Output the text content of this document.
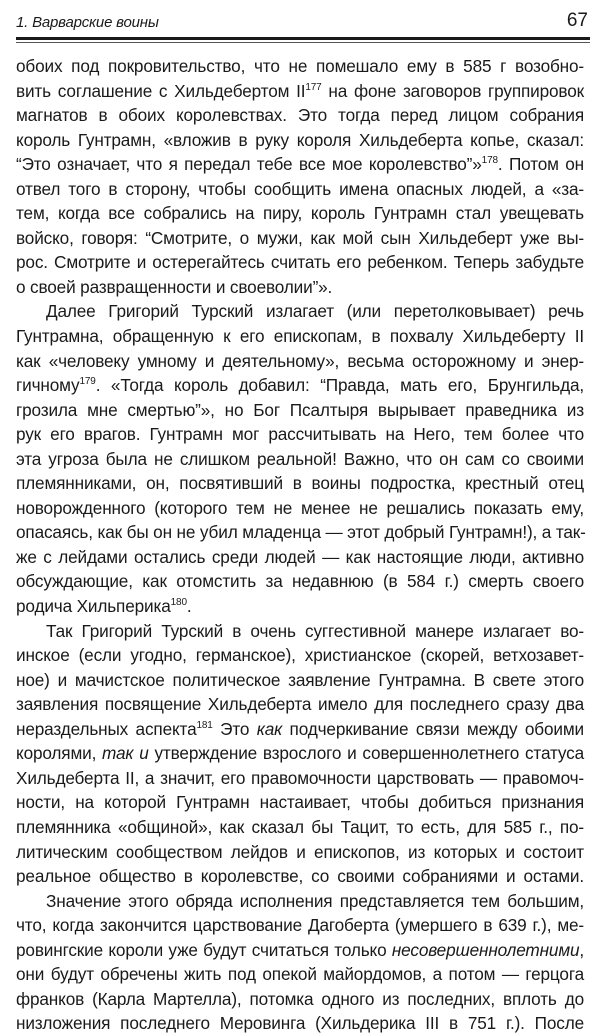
1. Варварские воины	67
обоих под покровительство, что не помешало ему в 585 г возобно-
вить соглашение с Хильдебертом II$^{177}$ на фоне заговоров группировок
магнатов в обоих королевствах. Это тогда перед лицом собрания
король Гунтрамн, «вложив в руку короля Хильдеберта копье, сказал:
“Это означает, что я передал тебе все мое королевство”»$^{178}$. Потом он
отвел того в сторону, чтобы сообщить имена опасных людей, а «за-
тем, когда все собрались на пиру, король Гунтрамн стал увещевать
войско, говоря: “Смотрите, о мужи, как мой сын Хильдеберт уже вы-
рос. Смотрите и остерегайтесь считать его ребенком. Теперь забудьте
о своей развращенности и своеволии”».
Далее Григорий Турский излагает (или перетолковывает) речь
Гунтрамна, обращенную к его епископам, в похвалу Хильдеберту II
как «человеку умному и деятельному», весьма осторожному и энер-
гичному$^{179}$. «Тогда король добавил: “Правда, мать его, Брунгильда,
грозила мне смертью”», но Бог Псалтыря вырывает праведника из
рук его врагов. Гунтрамн мог рассчитывать на Него, тем более что
эта угроза была не слишком реальной! Важно, что он сам со своими
племянниками, он, посвятивший в воины подростка, крестный отец
новорожденного (которого тем не менее не решались показать ему,
опасаясь, как бы он не убил младенца — этот добрый Гунтрамн!), а так-
же с лейдами остались среди людей — как настоящие люди, активно
обсуждающие, как отомстить за недавнюю (в 584 г.) смерть своего
родича Хильперика$^{180}$.
Так Григорий Турский в очень суггестивной манере излагает во-
инское (если угодно, германское), христианское (скорей, ветхозавет-
ное) и мачистское политическое заявление Гунтрамна. В свете этого
заявления посвящение Хильдеберта имело для последнего сразу два
нераздельных аспекта$^{181}$ Это как подчеркивание связи между обоими
королями, так и утверждение взрослого и совершеннолетнего статуса
Хильдеберта II, а значит, его правомочности царствовать — правомоч-
ности, на которой Гунтрамн настаивает, чтобы добиться признания
племянника «общиной», как сказал бы Тацит, то есть, для 585 г., по-
литическим сообществом лейдов и епископов, из которых и состоит
реальное общество в королевстве, со своими собраниями и остами.
Значение этого обряда исполнения представляется тем большим,
что, когда закончится царствование Дагоберта (умершего в 639 г.), ме-
ровингские короли уже будут считаться только несовершеннолетними,
они будут обречены жить под опекой майордомов, а потом — герцога
франков (Карла Мартелла), потомка одного из последних, вплоть до
низложения последнего Меровинга (Хильдерика III в 751 г.). После
